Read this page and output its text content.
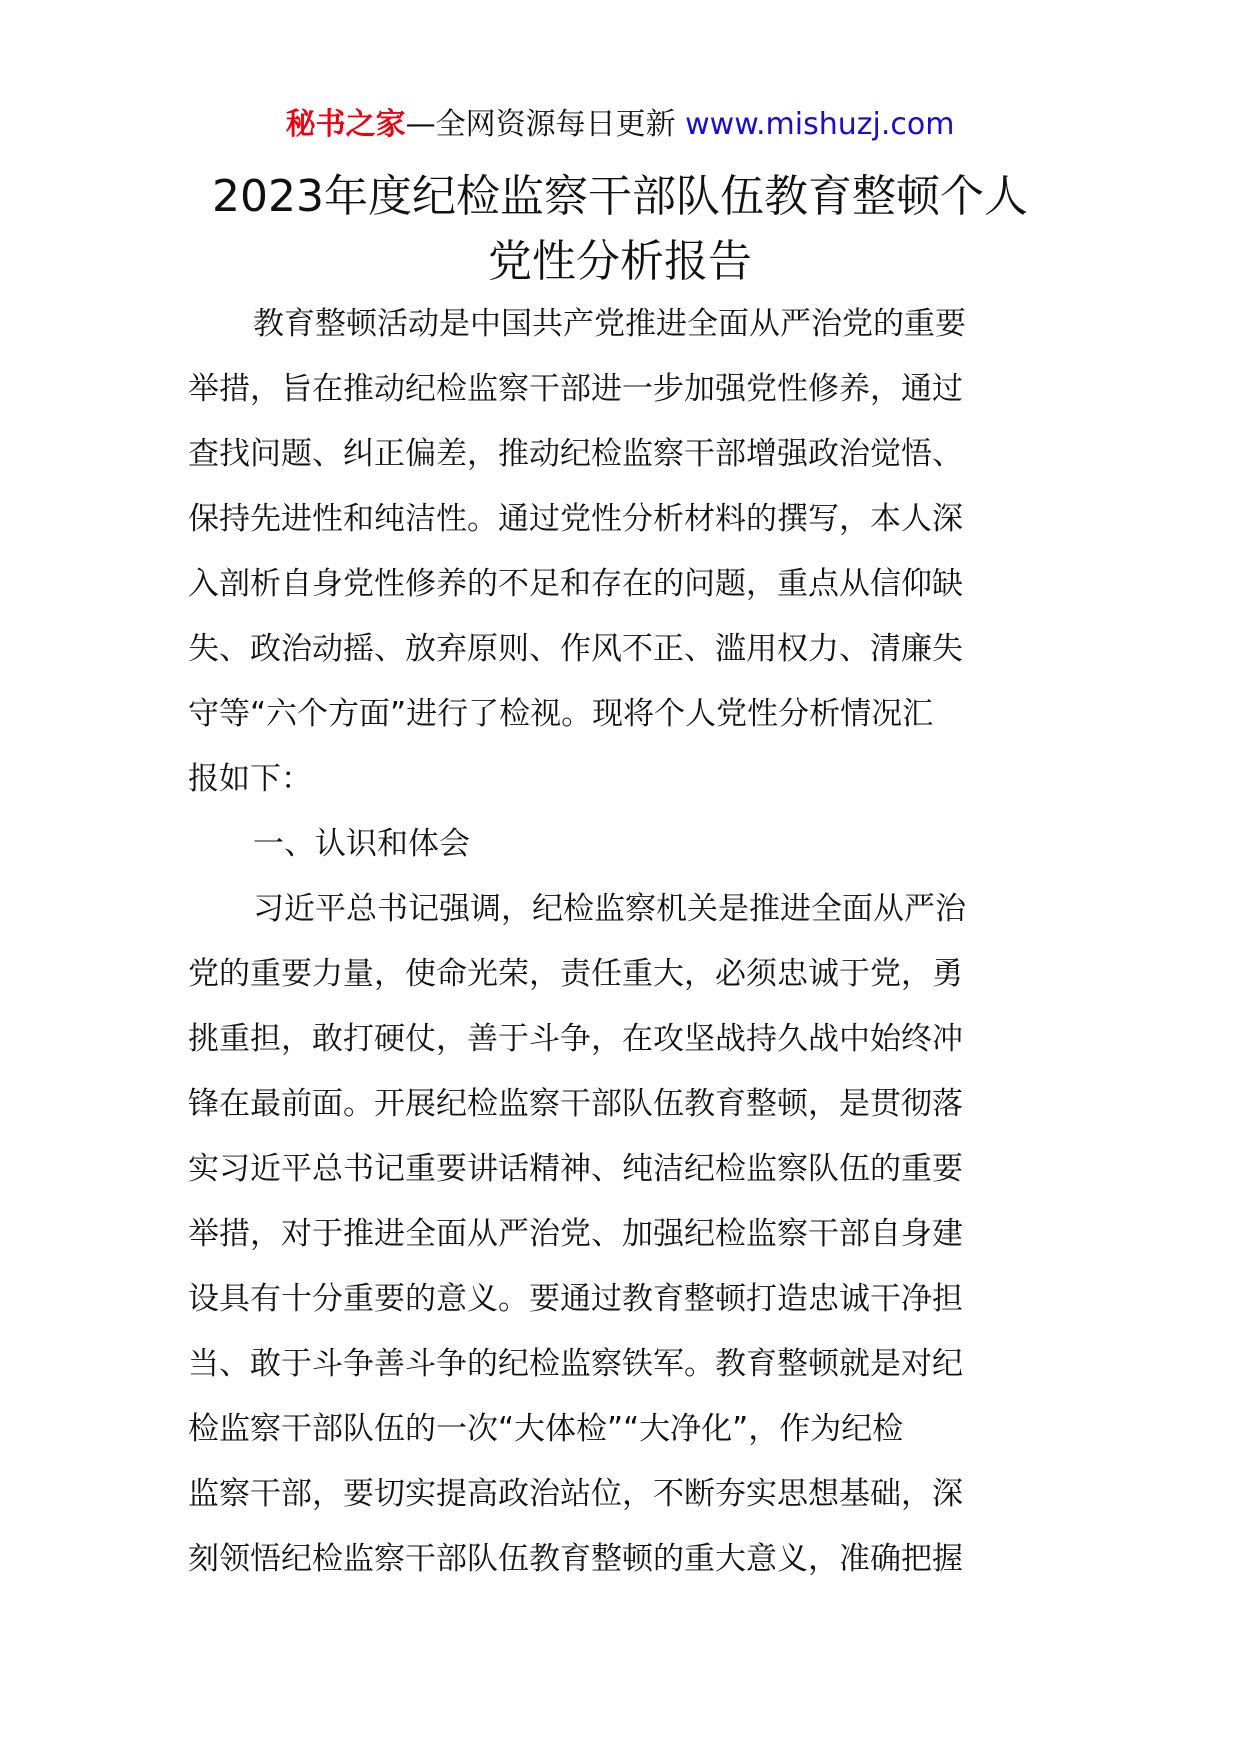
秘书之家—全网资源每日更新 www.mishuzj.com
2023年度纪检监察干部队伍教育整顿个人
党性分析报告
教育整顿活动是中国共产党推进全面从严治党的重要
举措，旨在推动纪检监察干部进一步加强党性修养，通过
查找问题、纠正偏差，推动纪检监察干部增强政治觉悟、
保持先进性和纯洁性。通过党性分析材料的撰写，本人深
入剖析自身党性修养的不足和存在的问题，重点从信仰缺
失、政治动摇、放弃原则、作风不正、滥用权力、清廉失
守等“六个方面”进行了检视。现将个人党性分析情况汇
报如下：
一、认识和体会
习近平总书记强调，纪检监察机关是推进全面从严治
党的重要力量，使命光荣，责任重大，必须忠诚于党，勇
挑重担，敢打硬仗，善于斗争，在攻坚战持久战中始终冲
锋在最前面。开展纪检监察干部队伍教育整顿，是贯彻落
实习近平总书记重要讲话精神、纯洁纪检监察队伍的重要
举措，对于推进全面从严治党、加强纪检监察干部自身建
设具有十分重要的意义。要通过教育整顿打造忠诚干净担
当、敢于斗争善斗争的纪检监察铁军。教育整顿就是对纪
检监察干部队伍的一次“大体检”“大净化”，作为纪检
监察干部，要切实提高政治站位，不断夯实思想基础，深
刻领悟纪检监察干部队伍教育整顿的重大意义，准确把握
